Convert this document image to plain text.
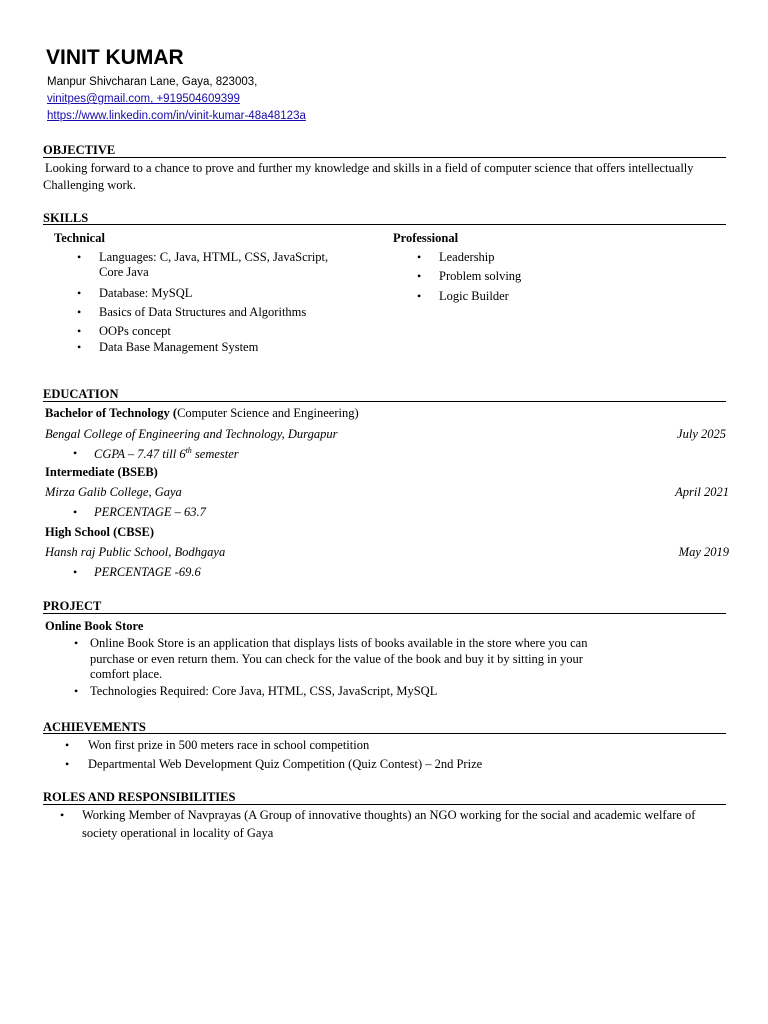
VINIT KUMAR
Manpur Shivcharan Lane, Gaya, 823003,
vinitpes@gmail.com, +919504609399
https://www.linkedin.com/in/vinit-kumar-48a48123a
OBJECTIVE
Looking forward to a chance to prove and further my knowledge and skills in a field of computer science that offers intellectually
Challenging work.
SKILLS
Technical
• Languages: C, Java, HTML, CSS, JavaScript,
Core Java
• Database: MySQL
• Basics of Data Structures and Algorithms
• OOPs concept
• Data Base Management System
Professional
• Leadership
• Problem solving
• Logic Builder
EDUCATION
Bachelor of Technology (Computer Science and Engineering)
Bengal College of Engineering and Technology, Durgapur	July 2025
• CGPA – 7.47 till 6th semester
Intermediate (BSEB)
Mirza Galib College, Gaya	April 2021
• PERCENTAGE – 63.7
High School (CBSE)
Hansh raj Public School, Bodhgaya	May 2019
• PERCENTAGE -69.6
PROJECT
Online Book Store
• Online Book Store is an application that displays lists of books available in the store where you can
purchase or even return them. You can check for the value of the book and buy it by sitting in your
comfort place.
• Technologies Required: Core Java, HTML, CSS, JavaScript, MySQL
ACHIEVEMENTS
• Won first prize in 500 meters race in school competition
• Departmental Web Development Quiz Competition (Quiz Contest) – 2nd Prize
ROLES AND RESPONSIBILITIES
• Working Member of Navprayas (A Group of innovative thoughts) an NGO working for the social and academic welfare of
society operational in locality of Gaya
